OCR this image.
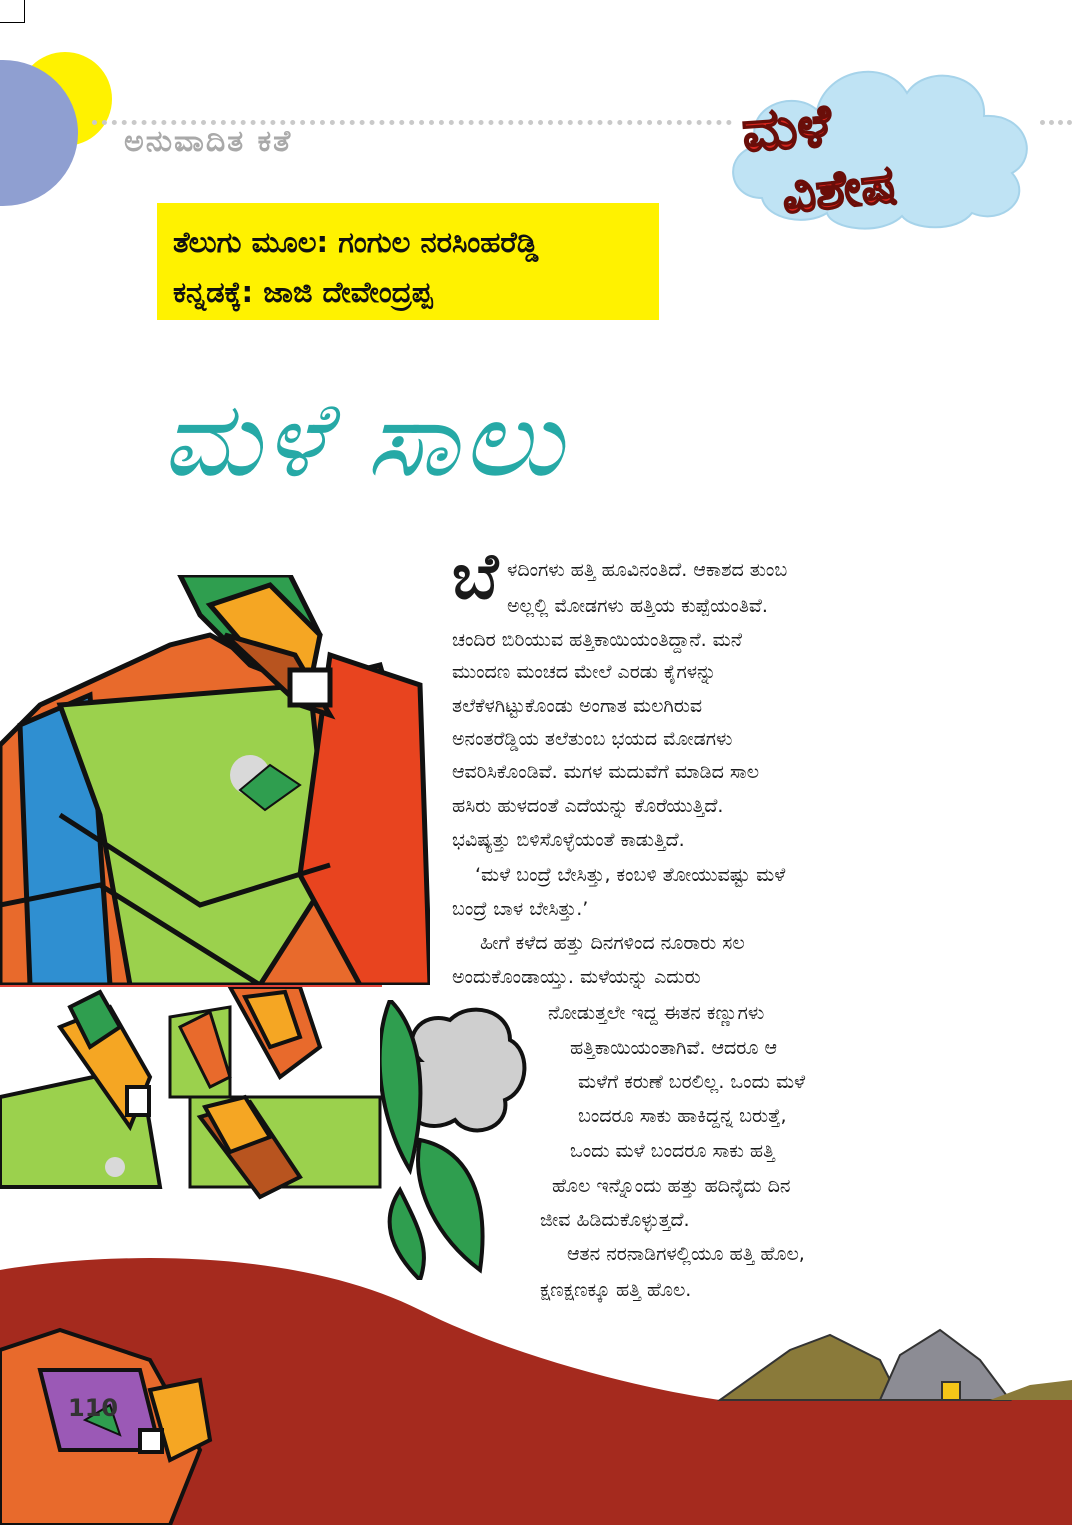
ಅನುವಾದಿತ ಕತೆ	ಮಳೆ
ವಿಶೇಷ
ತೆಲುಗು ಮೂಲ: ಗಂಗುಲ ನರಸಿಂಹರೆಡ್ಡಿ
ಕನ್ನಡಕ್ಕೆ: ಜಾಜಿ ದೇವೇಂದ್ರಪ್ಪ
ಮಳೆ ಸಾಲು
ಬೆ ಳದಿಂಗಳು ಹತ್ತಿ ಹೂವಿನಂತಿದೆ. ಆಕಾಶದ ತುಂಬ
ಅಲ್ಲಲ್ಲಿ ಮೋಡಗಳು ಹತ್ತಿಯ ಕುಪ್ಪೆಯಂತಿವೆ.
ಚಂದಿರ ಬಿರಿಯುವ ಹತ್ತಿಕಾಯಿಯಂತಿದ್ದಾನೆ. ಮನೆ
ಮುಂದಣ ಮಂಚದ ಮೇಲೆ ಎರಡು ಕೈಗಳನ್ನು
ತಲೆಕೆಳಗಿಟ್ಟುಕೊಂಡು ಅಂಗಾತ ಮಲಗಿರುವ
ಅನಂತರೆಡ್ಡಿಯ ತಲೆತುಂಬ ಭಯದ ಮೋಡಗಳು
ಆವರಿಸಿಕೊಂಡಿವೆ. ಮಗಳ ಮದುವೆಗೆ ಮಾಡಿದ ಸಾಲ
ಹಸಿರು ಹುಳದಂತೆ ಎದೆಯನ್ನು ಕೊರೆಯುತ್ತಿದೆ.
ಭವಿಷ್ಯತ್ತು ಬಿಳಿಸೊಳ್ಳೆಯಂತೆ ಕಾಡುತ್ತಿದೆ.
‘ಮಳೆ ಬಂದ್ರೆ ಬೇಸಿತ್ತು, ಕಂಬಳಿ ತೋಯುವಷ್ಟು ಮಳೆ
ಬಂದ್ರೆ ಬಾಳ ಬೇಸಿತ್ತು.’
ಹೀಗೆ ಕಳೆದ ಹತ್ತು ದಿನಗಳಿಂದ ನೂರಾರು ಸಲ
ಅಂದುಕೊಂಡಾಯ್ತು. ಮಳೆಯನ್ನು ಎದುರು
ನೋಡುತ್ತಲೇ ಇದ್ದ ಈತನ ಕಣ್ಣುಗಳು
ಹತ್ತಿಕಾಯಿಯಂತಾಗಿವೆ. ಆದರೂ ಆ
ಮಳೆಗೆ ಕರುಣೆ ಬರಲಿಲ್ಲ. ಒಂದು ಮಳೆ
ಬಂದರೂ ಸಾಕು ಹಾಕಿದ್ದನ್ನ ಬರುತ್ತೆ,
ಒಂದು ಮಳೆ ಬಂದರೂ ಸಾಕು ಹತ್ತಿ
ಹೊಲ ಇನ್ನೊಂದು ಹತ್ತು ಹದಿನೈದು ದಿನ
ಜೀವ ಹಿಡಿದುಕೊಳ್ಳುತ್ತದೆ.
ಆತನ ನರನಾಡಿಗಳಲ್ಲಿಯೂ ಹತ್ತಿ ಹೊಲ,
ಕ್ಷಣಕ್ಷಣಕ್ಕೂ ಹತ್ತಿ ಹೊಲ.
110
